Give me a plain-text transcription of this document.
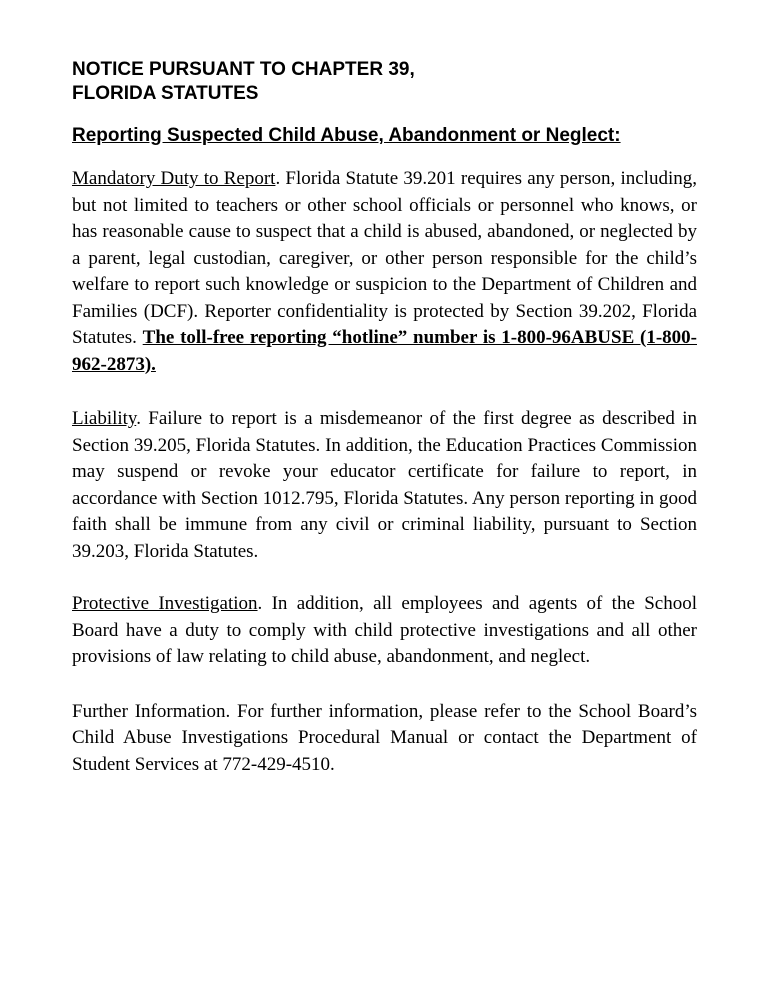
NOTICE PURSUANT TO CHAPTER 39,
FLORIDA STATUTES
Reporting Suspected Child Abuse, Abandonment or Neglect:

Mandatory Duty to Report. Florida Statute 39.201 requires any person, including, but not limited to teachers or other school officials or personnel who knows, or has reasonable cause to suspect that a child is abused, abandoned, or neglected by a parent, legal custodian, caregiver, or other person responsible for the child’s welfare to report such knowledge or suspicion to the Department of Children and Families (DCF). Reporter confidentiality is protected by Section 39.202, Florida Statutes. The toll-free reporting “hotline” number is 1-800-96ABUSE (1-800-962-2873).

Liability. Failure to report is a misdemeanor of the first degree as described in Section 39.205, Florida Statutes. In addition, the Education Practices Commission may suspend or revoke your educator certificate for failure to report, in accordance with Section 1012.795, Florida Statutes. Any person reporting in good faith shall be immune from any civil or criminal liability, pursuant to Section 39.203, Florida Statutes.

Protective Investigation. In addition, all employees and agents of the School Board have a duty to comply with child protective investigations and all other provisions of law relating to child abuse, abandonment, and neglect.

Further Information. For further information, please refer to the School Board’s Child Abuse Investigations Procedural Manual or contact the Department of Student Services at 772-429-4510.
